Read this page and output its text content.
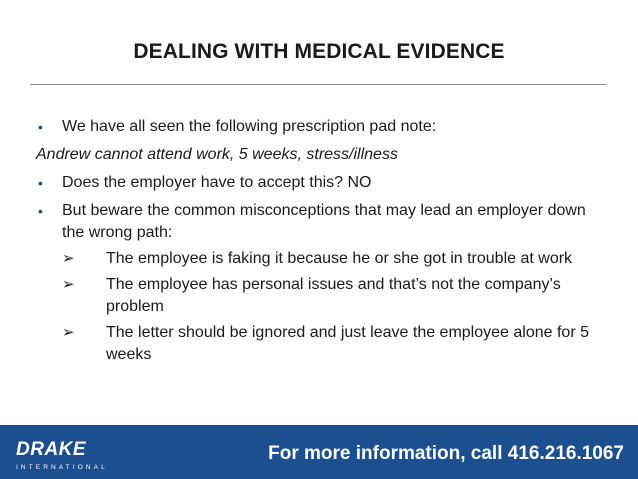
DEALING WITH MEDICAL EVIDENCE

• We have all seen the following prescription pad note:

Andrew cannot attend work, 5 weeks, stress/illness

• Does the employer have to accept this? NO

• But beware the common misconceptions that may lead an employer down the wrong path:

➢	The employee is faking it because he or she got in trouble at work

➢	The employee has personal issues and that’s not the company’s problem

➢	The letter should be ignored and just leave the employee alone for 5 weeks

DRAKE
INTERNATIONAL
For more information, call 416.216.1067
